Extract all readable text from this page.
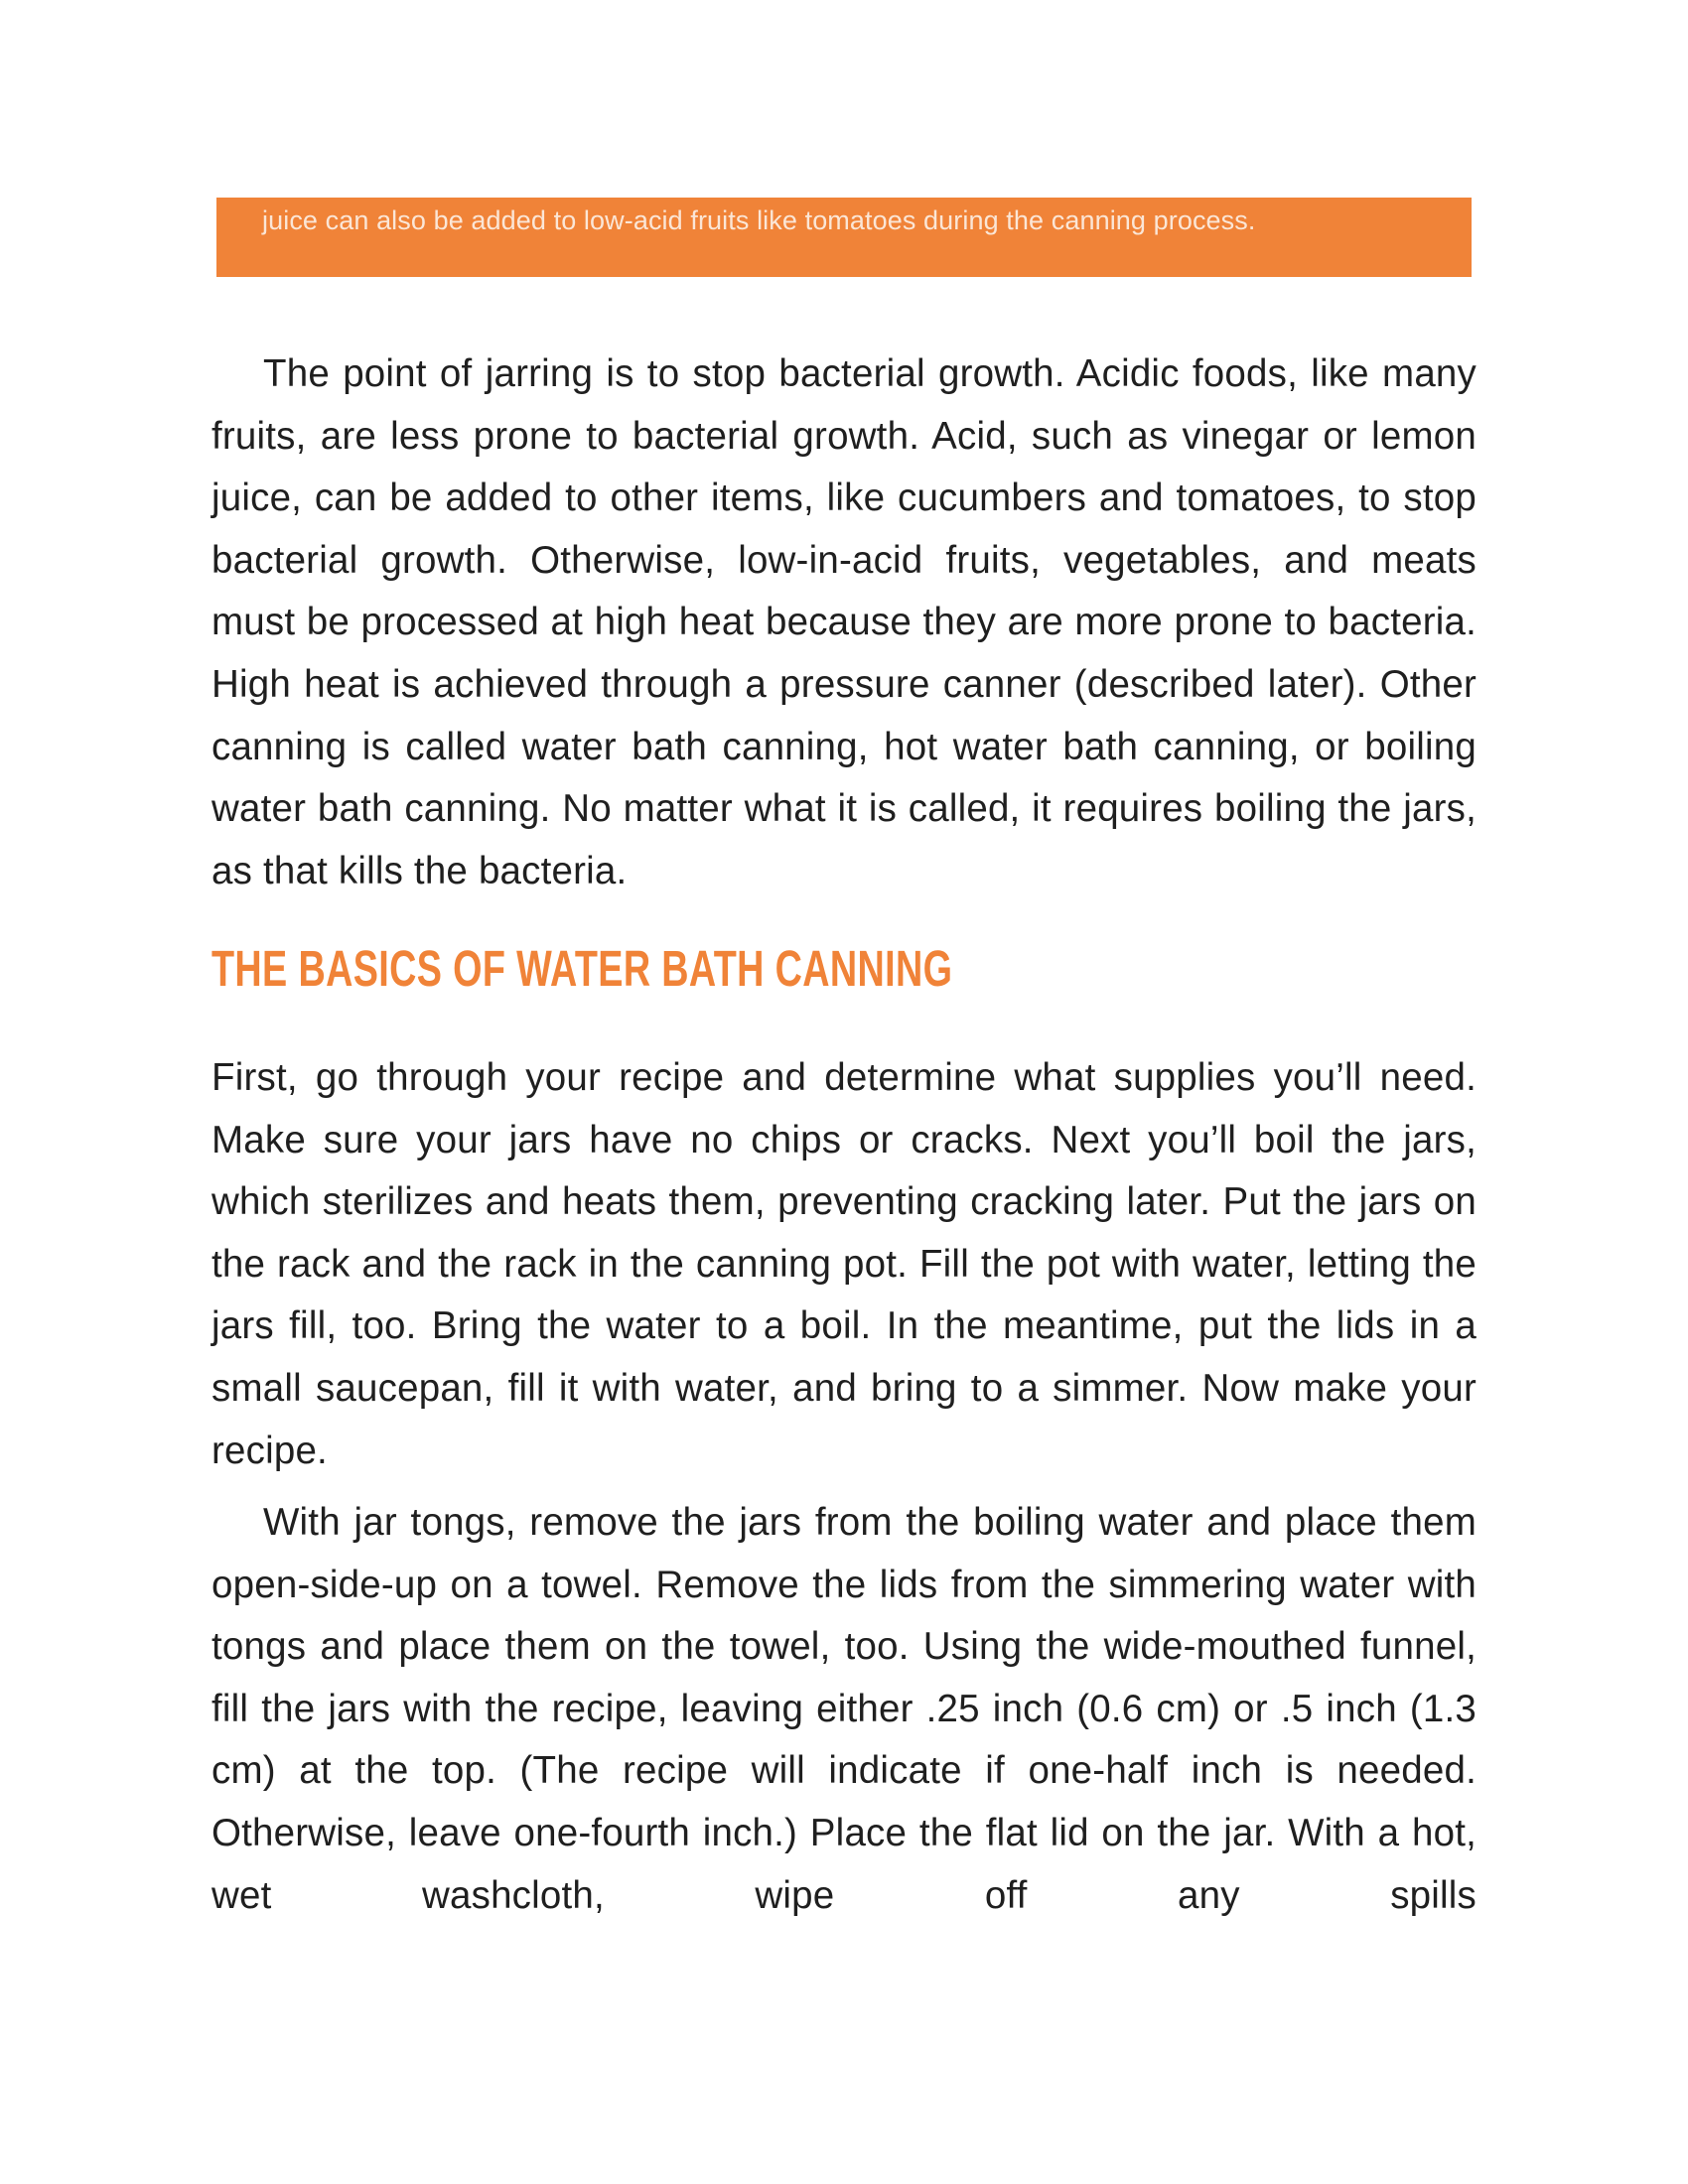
juice can also be added to low-acid fruits like tomatoes during the canning process.

The point of jarring is to stop bacterial growth. Acidic foods, like many fruits, are less prone to bacterial growth. Acid, such as vinegar or lemon juice, can be added to other items, like cucumbers and tomatoes, to stop bacterial growth. Otherwise, low-in-acid fruits, vegetables, and meats must be processed at high heat because they are more prone to bacteria. High heat is achieved through a pressure canner (described later). Other canning is called water bath canning, hot water bath canning, or boiling water bath canning. No matter what it is called, it requires boiling the jars, as that kills the bacteria.

THE BASICS OF WATER BATH CANNING

First, go through your recipe and determine what supplies you’ll need. Make sure your jars have no chips or cracks. Next you’ll boil the jars, which sterilizes and heats them, preventing cracking later. Put the jars on the rack and the rack in the canning pot. Fill the pot with water, letting the jars fill, too. Bring the water to a boil. In the meantime, put the lids in a small saucepan, fill it with water, and bring to a simmer. Now make your recipe.

With jar tongs, remove the jars from the boiling water and place them open-side-up on a towel. Remove the lids from the simmering water with tongs and place them on the towel, too. Using the wide-mouthed funnel, fill the jars with the recipe, leaving either .25 inch (0.6 cm) or .5 inch (1.3 cm) at the top. (The recipe will indicate if one-half inch is needed. Otherwise, leave one-fourth inch.) Place the flat lid on the jar. With a hot, wet washcloth, wipe off any spills
